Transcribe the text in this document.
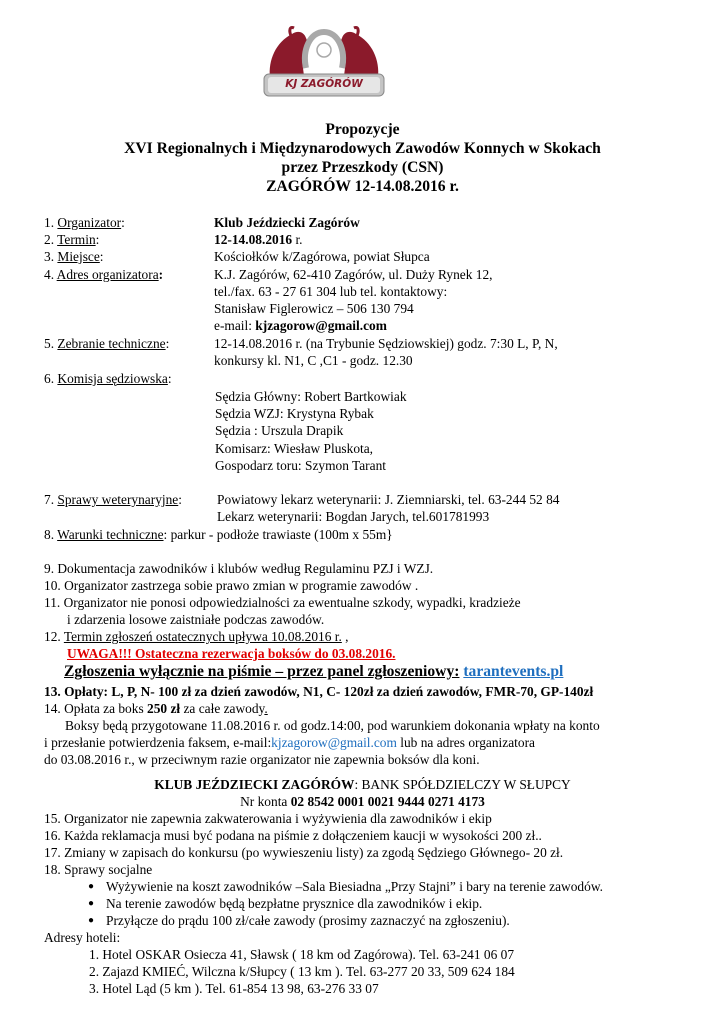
KJ ZAGÓRÓW
Propozycje
XVI Regionalnych i Międzynarodowych Zawodów Konnych w Skokach
przez Przeszkody (CSN)
ZAGÓRÓW 12-14.08.2016 r.
1. Organizator:	Klub Jeździecki Zagórów
2. Termin:	12-14.08.2016 r.
3. Miejsce:	Kościołków k/Zagórowa, powiat Słupca
4. Adres organizatora:	K.J. Zagórów, 62-410 Zagórów, ul. Duży Rynek 12,
tel./fax. 63 - 27 61 304 lub tel. kontaktowy:
Stanisław Figlerowicz – 506 130 794
e-mail: kjzagorow@gmail.com
5. Zebranie techniczne:	12-14.08.2016 r. (na Trybunie Sędziowskiej) godz. 7:30 L, P, N,
konkursy kl. N1, C ,C1 - godz. 12.30
6. Komisja sędziowska:
Sędzia Główny: Robert Bartkowiak
Sędzia WZJ: Krystyna Rybak
Sędzia : Urszula Drapik
Komisarz: Wiesław Pluskota,
Gospodarz toru: Szymon Tarant
7. Sprawy weterynaryjne:	Powiatowy lekarz weterynarii: J. Ziemniarski, tel. 63-244 52 84
Lekarz weterynarii: Bogdan Jarych, tel.601781993
8. Warunki techniczne: parkur - podłoże trawiaste (100m x 55m}
9. Dokumentacja zawodników i klubów według Regulaminu PZJ i WZJ.
10. Organizator zastrzega sobie prawo zmian w programie zawodów .
11. Organizator nie ponosi odpowiedzialności za ewentualne szkody, wypadki, kradzieże
i zdarzenia losowe zaistniałe podczas zawodów.
12. Termin zgłoszeń ostatecznych upływa 10.08.2016 r. ,
UWAGA!!! Ostateczna rezerwacja boksów do 03.08.2016.
Zgłoszenia wyłącznie na piśmie – przez panel zgłoszeniowy: tarantevents.pl
13. Opłaty: L, P, N- 100 zł za dzień zawodów, N1, C- 120zł za dzień zawodów, FMR-70, GP-140zł
14. Opłata za boks 250 zł za całe zawody.
Boksy będą przygotowane 11.08.2016 r. od godz.14:00, pod warunkiem dokonania wpłaty na konto
i przesłanie potwierdzenia faksem, e-mail:kjzagorow@gmail.com lub na adres organizatora
do 03.08.2016 r., w przeciwnym razie organizator nie zapewnia boksów dla koni.
KLUB JEŹDZIECKI ZAGÓRÓW: BANK SPÓŁDZIELCZY W SŁUPCY
Nr konta 02 8542 0001 0021 9444 0271 4173
15. Organizator nie zapewnia zakwaterowania i wyżywienia dla zawodników i ekip
16. Każda reklamacja musi być podana na piśmie z dołączeniem kaucji w wysokości 200 zł..
17. Zmiany w zapisach do konkursu (po wywieszeniu listy) za zgodą Sędziego Głównego- 20 zł.
18. Sprawy socjalne
● Wyżywienie na koszt zawodników –Sala Biesiadna „Przy Stajni” i bary na terenie zawodów.
● Na terenie zawodów będą bezpłatne prysznice dla zawodników i ekip.
● Przyłącze do prądu 100 zł/całe zawody (prosimy zaznaczyć na zgłoszeniu).
Adresy hoteli:
1. Hotel OSKAR Osiecza 41, Sławsk ( 18 km od Zagórowa). Tel. 63-241 06 07
2. Zajazd KMIEĆ, Wilczna k/Słupcy ( 13 km ). Tel. 63-277 20 33, 509 624 184
3. Hotel Ląd (5 km ). Tel. 61-854 13 98, 63-276 33 07
